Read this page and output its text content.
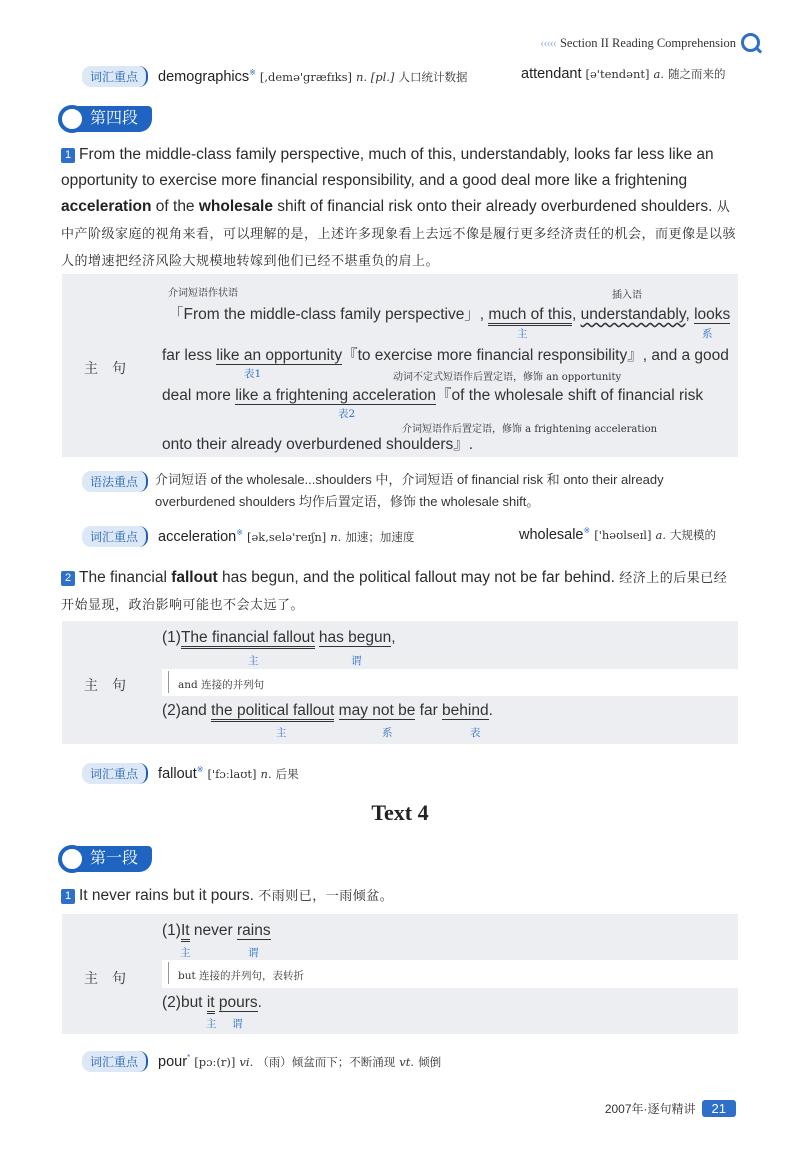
‹‹‹‹‹ Section II Reading Comprehension
词汇重点 demographics※ [,demə'græfɪks] n. [pl.] 人口统计数据	attendant [ə'tendənt] a. 随之而来的
第四段
1 From the middle-class family perspective, much of this, understandably, looks far less like an opportunity to exercise more financial responsibility, and a good deal more like a frightening acceleration of the wholesale shift of financial risk onto their already overburdened shoulders. 从中产阶级家庭的视角来看，可以理解的是，上述许多现象看上去远不像是履行更多经济责任的机会，而更像是以骇人的增速把经济风险大规模地转嫁到他们已经不堪重负的肩上。
主句
介词短语作状语	插入语
「From the middle-class family perspective」, much of this, understandably, looks
主	系
far less like an opportunity『to exercise more financial responsibility』, and a good
表1	动词不定式短语作后置定语，修饰 an opportunity
deal more like a frightening acceleration『of the wholesale shift of financial risk
表2
介词短语作后置定语，修饰 a frightening acceleration
onto their already overburdened shoulders』.
语法重点	介词短语 of the wholesale...shoulders 中，介词短语 of financial risk 和 onto their already overburdened shoulders 均作后置定语，修饰 the wholesale shift。
词汇重点 acceleration※ [ək,selə'reɪʃn] n. 加速；加速度	wholesale※ ['həʊlseɪl] a. 大规模的
2 The financial fallout has begun, and the political fallout may not be far behind. 经济上的后果已经开始显现，政治影响可能也不会太远了。
主句
(1)The financial fallout has begun,
主	谓
and 连接的并列句
(2)and the political fallout may not be far behind.
主	系	表
词汇重点 fallout※ ['fɔːlaʊt] n. 后果
Text 4
第一段
1 It never rains but it pours. 不雨则已，一雨倾盆。
主句
(1)It never rains
主	谓
but 连接的并列句，表转折
(2)but it pours.
主 谓
词汇重点 pour* [pɔː(r)] vi. （雨）倾盆而下；不断涌现 vt. 倾倒
2007年·逐句精讲 21
